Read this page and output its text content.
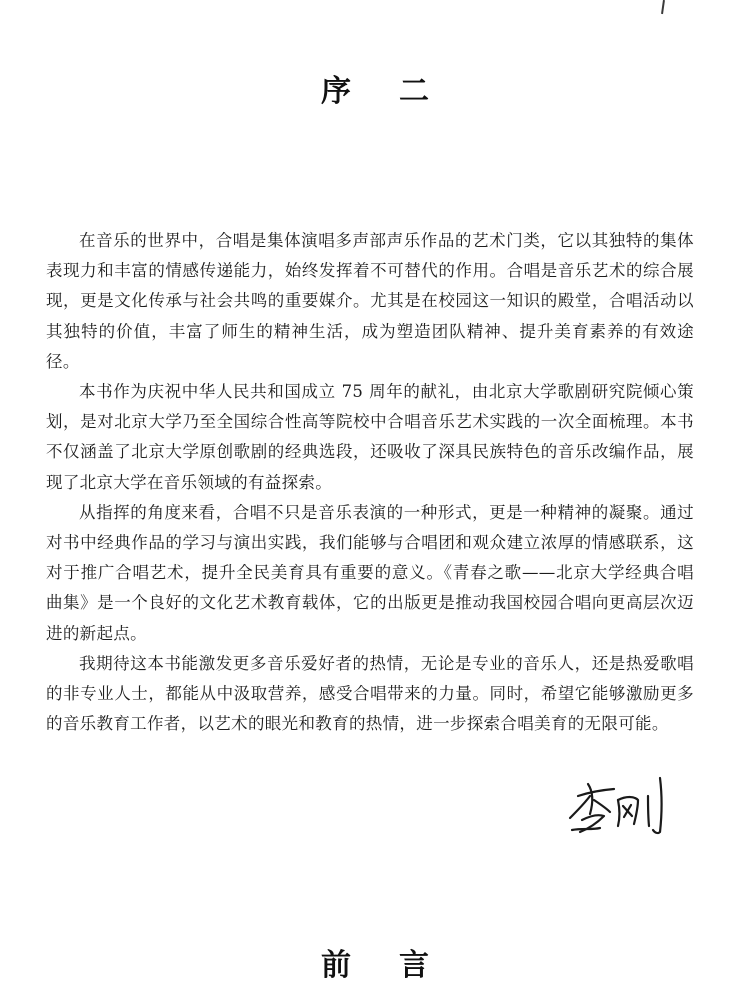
序二

在音乐的世界中，合唱是集体演唱多声部声乐作品的艺术门类，它以其独特的集体表现力和丰富的情感传递能力，始终发挥着不可替代的作用。合唱是音乐艺术的综合展现，更是文化传承与社会共鸣的重要媒介。尤其是在校园这一知识的殿堂，合唱活动以其独特的价值，丰富了师生的精神生活，成为塑造团队精神、提升美育素养的有效途径。

本书作为庆祝中华人民共和国成立 75 周年的献礼，由北京大学歌剧研究院倾心策划，是对北京大学乃至全国综合性高等院校中合唱音乐艺术实践的一次全面梳理。本书不仅涵盖了北京大学原创歌剧的经典选段，还吸收了深具民族特色的音乐改编作品，展现了北京大学在音乐领域的有益探索。

从指挥的角度来看，合唱不只是音乐表演的一种形式，更是一种精神的凝聚。通过对书中经典作品的学习与演出实践，我们能够与合唱团和观众建立浓厚的情感联系，这对于推广合唱艺术，提升全民美育具有重要的意义。《青春之歌——北京大学经典合唱曲集》是一个良好的文化艺术教育载体，它的出版更是推动我国校园合唱向更高层次迈进的新起点。

我期待这本书能激发更多音乐爱好者的热情，无论是专业的音乐人，还是热爱歌唱的非专业人士，都能从中汲取营养，感受合唱带来的力量。同时，希望它能够激励更多的音乐教育工作者，以艺术的眼光和教育的热情，进一步探索合唱美育的无限可能。

前言
